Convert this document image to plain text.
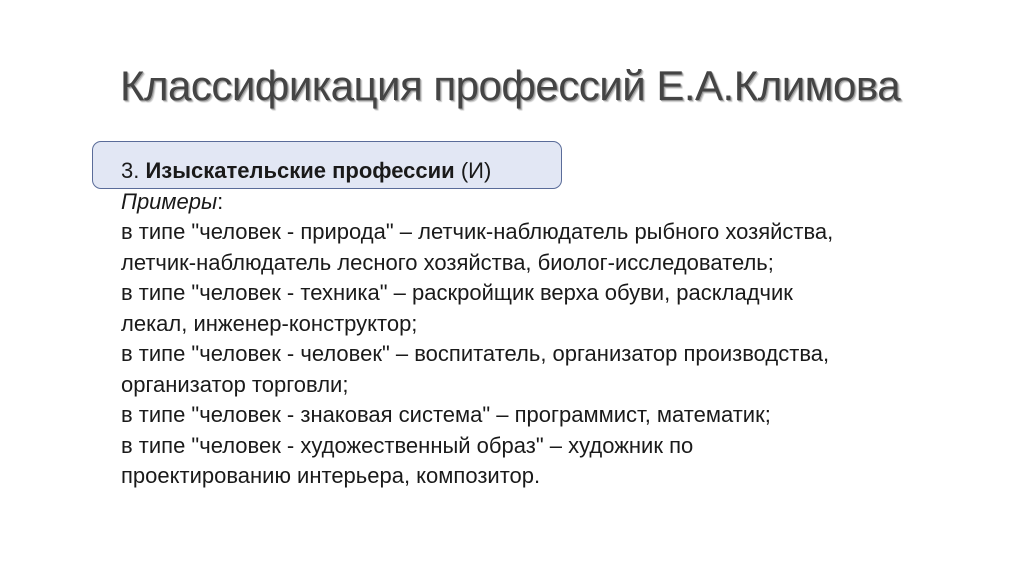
Классификация профессий Е.А.Климова
3. Изыскательские профессии (И)
Примеры:
в типе "человек - природа" – летчик-наблюдатель рыбного хозяйства,
летчик-наблюдатель лесного хозяйства, биолог-исследователь;
в типе "человек - техника" – раскройщик верха обуви, раскладчик
лекал, инженер-конструктор;
в типе "человек - человек" – воспитатель, организатор производства,
организатор торговли;
в типе "человек - знаковая система" – программист, математик;
в типе "человек - художественный образ" – художник по
проектированию интерьера, композитор.
